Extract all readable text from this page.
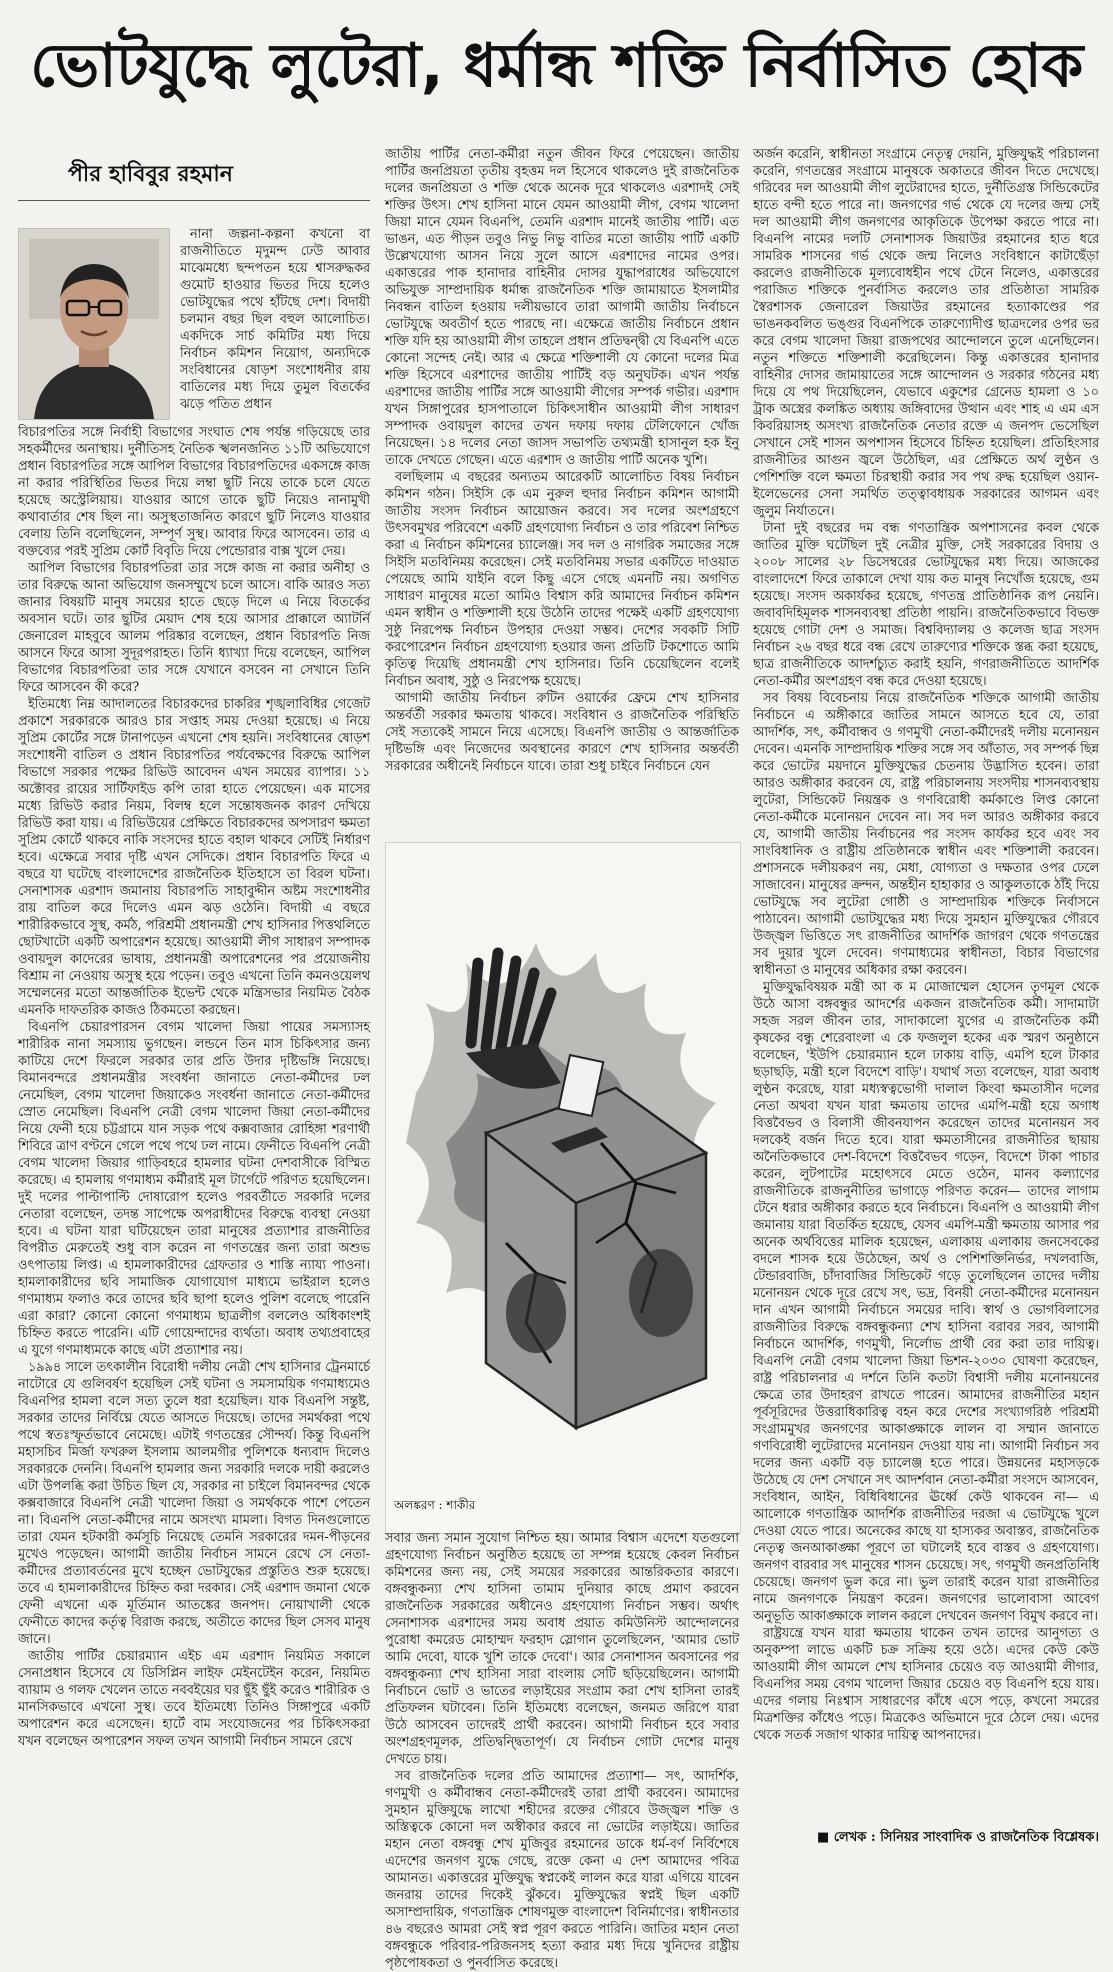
ভোটযুদ্ধে লুটেরা, ধর্মান্ধ শক্তি নির্বাসিত হোক
পীর হাবিবুর রহমান

নানা জল্পনা-কল্পনা কখনো বা রাজনীতিতে মৃদুমন্দ ঢেউ আবার মাঝেমধ্যে ছন্দপতন হয়ে শ্বাসরুদ্ধকর গুমোট হাওয়ার ভিতর দিয়ে হলেও ভোটযুদ্ধের পথে হাঁটছে দেশ। বিদায়ী চলমান বছর ছিল বহুল আলোচিত। একদিকে সার্চ কমিটির মধ্য দিয়ে নির্বাচন কমিশন নিয়োগ, অন্যদিকে সংবিধানের ষোড়শ সংশোধনীর রায় বাতিলের মধ্য দিয়ে তুমুল বিতর্কের ঝড়ে পতিত প্রধান

বিচারপতির সঙ্গে নির্বাহী বিভাগের সংঘাত শেষ পর্যন্ত গড়িয়েছে তার সহকর্মীদের অনাস্থায়। দুর্নীতিসহ নৈতিক স্খলনজনিত ১১টি অভিযোগে প্রধান বিচারপতির সঙ্গে আপিল বিভাগের বিচারপতিদের একসঙ্গে কাজ না করার পরিস্থিতির ভিতর দিয়ে লম্বা ছুটি নিয়ে তাকে চলে যেতে হয়েছে অস্ট্রেলিয়ায়। যাওয়ার আগে তাকে ছুটি নিয়েও নানামুখী কথাবার্তার শেষ ছিল না। অসুস্থতাজনিত কারণে ছুটি নিলেও যাওয়ার বেলায় তিনি বলেছিলেন, সম্পূর্ণ সুস্থ। আবার ফিরে আসবেন। তার এ বক্তব্যের পরই সুপ্রিম কোর্ট বিবৃতি দিয়ে পেন্ডোরার বাক্স খুলে দেয়।

আপিল বিভাগের বিচারপতিরা তার সঙ্গে কাজ না করার অনীহা ও তার বিরুদ্ধে আনা অভিযোগ জনসম্মুখে চলে আসে। বাকি আরও সত্য জানার বিষয়টি মানুষ সময়ের হাতে ছেড়ে দিলে এ নিয়ে বিতর্কের অবসান ঘটে। তার ছুটির মেয়াদ শেষ হয়ে আসার প্রাক্কালে অ্যাটর্নি জেনারেল মাহবুবে আলম পরিষ্কার বলেছেন, প্রধান বিচারপতি নিজ আসনে ফিরে আসা সুদূরপরাহত। তিনি ধ্যাখ্যা দিয়ে বলেছেন, আপিল বিভাগের বিচারপতিরা তার সঙ্গে যেখানে বসবেন না সেখানে তিনি ফিরে আসবেন কী করে?

ইতিমধ্যে নিম্ন আদালতের বিচারকদের চাকরির শৃঙ্খলাবিধির গেজেট প্রকাশে সরকারকে আরও চার সপ্তাহ সময় দেওয়া হয়েছে। এ নিয়ে সুপ্রিম কোর্টের সঙ্গে টানাপড়েন এখনো শেষ হয়নি। সংবিধানের ষোড়শ সংশোধনী বাতিল ও প্রধান বিচারপতির পর্যবেক্ষণের বিরুদ্ধে আপিল বিভাগে সরকার পক্ষের রিভিউ আবেদন এখন সময়ের ব্যাপার। ১১ অক্টোবর রায়ের সার্টিফাইড কপি তারা হাতে পেয়েছেন। এক মাসের মধ্যে রিভিউ করার নিয়ম, বিলম্ব হলে সন্তোষজনক কারণ দেখিয়ে রিভিউ করা যায়। এ রিভিউয়ের প্রেক্ষিতে বিচারকদের অপসারণ ক্ষমতা সুপ্রিম কোর্টে থাকবে নাকি সংসদের হাতে বহাল থাকবে সেটিই নির্ধারণ হবে। এক্ষেত্রে সবার দৃষ্টি এখন সেদিকে। প্রধান বিচারপতি ফিরে এ বছরে যা ঘটেছে বাংলাদেশের রাজনৈতিক ইতিহাসে তা বিরল ঘটনা। সেনাশাসক এরশাদ জমানায় বিচারপতি সাহাবুদ্দীন অষ্টম সংশোধনীর রায় বাতিল করে দিলেও এমন ঝড় ওঠেনি। বিদায়ী এ বছরে শারীরিকভাবে সুস্থ, কর্মঠ, পরিশ্রমী প্রধানমন্ত্রী শেখ হাসিনার পিত্তথলিতে ছোটখাটো একটি অপারেশন হয়েছে। আওয়ামী লীগ সাধারণ সম্পাদক ওবায়দুল কাদেরের ভাষায়, প্রধানমন্ত্রী অপারেশনের পর প্রয়োজনীয় বিশ্রাম না নেওয়ায় অসুস্থ হয়ে পড়েন। তবুও এখনো তিনি কমনওয়েলথ সম্মেলনের মতো আন্তর্জাতিক ইভেন্ট থেকে মন্ত্রিসভার নিয়মিত বৈঠক এমনকি দাফতরিক কাজও ঠিকমতো করছেন।

বিএনপি চেয়ারপারসন বেগম খালেদা জিয়া পায়ের সমস্যাসহ শারীরিক নানা সমস্যায় ভুগছেন। লন্ডনে তিন মাস চিকিৎসার জন্য কাটিয়ে দেশে ফিরলে সরকার তার প্রতি উদার দৃষ্টিভঙ্গি নিয়েছে। বিমানবন্দরে প্রধানমন্ত্রীর সংবর্ধনা জানাতে নেতা-কর্মীদের ঢল নেমেছিল, বেগম খালেদা জিয়াকেও সংবর্ধনা জানাতে নেতা-কর্মীদের স্রোত নেমেছিল। বিএনপি নেত্রী বেগম খালেদা জিয়া নেতা-কর্মীদের নিয়ে ফেনী হয়ে চট্টগ্রামে যান সড়ক পথে কক্সবাজার রোহিঙ্গা শরণার্থী শিবিরে ত্রাণ বণ্টনে গেলে পথে পথে ঢল নামে। ফেনীতে বিএনপি নেত্রী বেগম খালেদা জিয়ার গাড়িবহরে হামলার ঘটনা দেশবাসীকে বিস্মিত করেছে। এ হামলায় গণমাধ্যম কর্মীরাই মূল টার্গেটে পরিণত হয়েছিলেন। দুই দলের পাল্টাপাল্টি দোষারোপ হলেও পরবর্তীতে সরকারি দলের নেতারা বলেছেন, তদন্ত সাপেক্ষে অপরাধীদের বিরুদ্ধে ব্যবস্থা নেওয়া হবে। এ ঘটনা যারা ঘটিয়েছেন তারা মানুষের প্রত্যাশার রাজনীতির বিপরীত মেরুতেই শুধু বাস করেন না গণতন্ত্রের জন্য তারা অশুভ ওৎপাতায় লিপ্ত। এ হামলাকারীদের গ্রেফতার ও শাস্তি ন্যায্য পাওনা। হামলাকারীদের ছবি সামাজিক যোগাযোগ মাধ্যমে ভাইরাল হলেও গণমাধ্যম ফলাও করে তাদের ছবি ছাপা হলেও পুলিশ বলেছে পারেনি এরা কারা? কোনো কোনো গণমাধ্যম ছাত্রলীগ বললেও অধিকাংশই চিহ্নিত করতে পারেনি। এটি গোয়েন্দাদের ব্যর্থতা। অবাধ তথ্যপ্রবাহের এ যুগে গণমাধ্যমকে কাছে এটা প্রত্যাশার নয়।

১৯৯৪ সালে তৎকালীন বিরোধী দলীয় নেত্রী শেখ হাসিনার ট্রেনমার্চে নাটোরে যে গুলিবর্ষণ হয়েছিল সেই ঘটনা ও সমসাময়িক গণমাধ্যমেও বিএনপির হামলা বলে সত্য তুলে ধরা হয়েছিল। যাক বিএনপি সন্তুষ্ট, সরকার তাদের নির্বিঘ্নে যেতে আসতে দিয়েছে। তাদের সমর্থকরা পথে পথে স্বতঃস্ফূর্তভাবে নেমেছে। এটাই গণতন্ত্রের সৌন্দর্য। কিন্তু বিএনপি মহাসচিব মির্জা ফখরুল ইসলাম আলমগীর পুলিশকে ধন্যবাদ দিলেও সরকারকে দেননি। বিএনপি হামলার জন্য সরকারি দলকে দায়ী করলেও এটা উপলব্ধি করা উচিত ছিল যে, সরকার না চাইলে বিমানবন্দর থেকে কক্সবাজারে বিএনপি নেত্রী খালেদা জিয়া ও সমর্থককে পাশে পেতেন না। বিএনপি নেতা-কর্মীদের নামে অসংখ্য মামলা। বিগত দিনগুলোতে তারা যেমন হটকারী কর্মসূচি নিয়েছে তেমনি সরকারের দমন-পীড়নের মুখেও পড়েছেন। আগামী জাতীয় নির্বাচন সামনে রেখে সে নেতা-কর্মীদের প্রত্যাবর্তনের মুখে হচ্ছেন ভোটযুদ্ধের প্রস্তুতিও শুরু হয়েছে। তবে এ হামলাকারীদের চিহ্নিত করা দরকার। সেই এরশাদ জমানা থেকে ফেনী এখনো এক মূর্তিমান আতঙ্কের জনপদ। নোয়াখালী থেকে ফেনীতে কাদের কর্তৃত্ব বিরাজ করছে, অতীতে কাদের ছিল সেসব মানুষ জানে।

জাতীয় পার্টির চেয়ারম্যান এইচ এম এরশাদ নিয়মিত সকালে সেনাপ্রধান হিসেবে যে ডিসিপ্লিন লাইফ মেইনটেইন করেন, নিয়মিত ব্যায়াম ও গলফ খেলেন তাতে নববইয়ের ঘর ছুঁই ছুঁই করেও শারীরিক ও মানসিকভাবে এখনো সুস্থ। তবে ইতিমধ্যে তিনিও সিঙ্গাপুরে একটি অপারেশন করে এসেছেন। হার্টে বাম সংযোজনের পর চিকিৎসকরা যখন বলেছেন অপারেশন সফল তখন আগামী নির্বাচন সামনে রেখে

জাতীয় পার্টির নেতা-কর্মীরা নতুন জীবন ফিরে পেয়েছেন। জাতীয় পার্টির জনপ্রিয়তা তৃতীয় বৃহত্তম দল হিসেবে থাকলেও দুই রাজনৈতিক দলের জনপ্রিয়তা ও শক্তি থেকে অনেক দূরে থাকলেও এরশাদই সেই শক্তির উৎস। শেখ হাসিনা মানে যেমন আওয়ামী লীগ, বেগম খালেদা জিয়া মানে যেমন বিএনপি, তেমনি এরশাদ মানেই জাতীয় পার্টি। এত ভাঙন, এত পীড়ন তবুও নিভু নিভু বাতির মতো জাতীয় পার্টি একটি উল্লেখযোগ্য আসন নিয়ে সুলে আসে এরশাদের নামের ওপর। একাত্তরের পাক হানাদার বাহিনীর দোসর যুদ্ধাপরাধের অভিযোগে অভিযুক্ত সাম্প্রদায়িক ধর্মান্ধ রাজনৈতিক শক্তি জামায়াতে ইসলামীর নিবন্ধন বাতিল হওয়ায় দলীয়ভাবে তারা আগামী জাতীয় নির্বাচনে ভোটযুদ্ধে অবতীর্ণ হতে পারছে না। এক্ষেত্রে জাতীয় নির্বাচনে প্রধান শক্তি যদি হয় আওয়ামী লীগ তাহলে প্রধান প্রতিদ্বন্দ্বী যে বিএনপি এতে কোনো সন্দেহ নেই। আর এ ক্ষেত্রে শক্তিশালী যে কোনো দলের মিত্র শক্তি হিসেবে এরশাদের জাতীয় পার্টিই বড় অনুঘটক। এখন পর্যন্ত এরশাদের জাতীয় পার্টির সঙ্গে আওয়ামী লীগের সম্পর্ক গভীর। এরশাদ যখন সিঙ্গাপুরের হাসপাতালে চিকিৎসাধীন আওয়ামী লীগ সাধারণ সম্পাদক ওবায়দুল কাদের তখন দফায় দফায় টেলিফোনে খোঁজ নিয়েছেন। ১৪ দলের নেতা জাসদ সভাপতি তথ্যমন্ত্রী হাসানুল হক ইনু তাকে দেখতে গেছেন। এতে এরশাদ ও জাতীয় পার্টি অনেক খুশি।

বলছিলাম এ বছরের অন্যতম আরেকটি আলোচিত বিষয় নির্বাচন কমিশন গঠন। সিইসি কে এম নুরুল হুদার নির্বাচন কমিশন আগামী জাতীয় সংসদ নির্বাচন আয়োজন করবে। সব দলের অংশগ্রহণে উৎসবমুখর পরিবেশে একটি গ্রহণযোগ্য নির্বাচন ও তার পরিবেশ নিশ্চিত করা এ নির্বাচন কমিশনের চ্যালেঞ্জ। সব দল ও নাগরিক সমাজের সঙ্গে সিইসি মতবিনিময় করেছেন। সেই মতবিনিময় সভার একটিতে দাওয়াত পেয়েছে আমি যাইনি বলে কিছু এসে গেছে এমনটি নয়। অগণিত সাধারণ মানুষের মতো আমিও বিশ্বাস করি আমাদের নির্বাচন কমিশন এমন স্বাধীন ও শক্তিশালী হয়ে উঠেনি তাদের পক্ষেই একটি গ্রহণযোগ্য সুষ্ঠু নিরপেক্ষ নির্বাচন উপহার দেওয়া সম্ভব। দেশের সবকটি সিটি করপোরেশন নির্বাচন গ্রহণযোগ্য হওয়ার জন্য প্রতিটি টকশোতে আমি কৃতিত্ব দিয়েছি প্রধানমন্ত্রী শেখ হাসিনার। তিনি চেয়েছিলেন বলেই নির্বাচন অবাধ, সুষ্ঠু ও নিরপেক্ষ হয়েছে।

আগামী জাতীয় নির্বাচন রুটিন ওয়ার্কের ফ্রেমে শেখ হাসিনার অন্তর্বর্তী সরকার ক্ষমতায় থাকবে। সংবিধান ও রাজনৈতিক পরিস্থিতি সেই সত্যকেই সামনে নিয়ে এসেছে। বিএনপি জাতীয় ও আন্তর্জাতিক দৃষ্টিভঙ্গি এবং নিজেদের অবস্থানের কারণে শেখ হাসিনার অন্তর্বর্তী সরকারের অধীনেই নির্বাচনে যাবে। তারা শুধু চাইবে নির্বাচনে যেন

অলঙ্করণ : শাকীর

সবার জন্য সমান সুযোগ নিশ্চিত হয়। আমার বিশ্বাস এদেশে যতগুলো গ্রহণযোগ্য নির্বাচন অনুষ্ঠিত হয়েছে তা সম্পন্ন হয়েছে কেবল নির্বাচন কমিশনের জন্য নয়, সেই সময়ের সরকারের আন্তরিকতার কারণে। বঙ্গবন্ধুকন্যা শেখ হাসিনা তামাম দুনিয়ার কাছে প্রমাণ করবেন রাজনৈতিক সরকারের অধীনেও গ্রহণযোগ্য নির্বাচন সম্ভব। অর্থাৎ সেনাশাসক এরশাদের সময় অবাধ প্রয়াত কমিউনিস্ট আন্দোলনের পুরোধা কমরেড মোহাম্মদ ফরহাদ স্লোগান তুলেছিলেন, 'আমার ভোট আমি দেবো, যাকে খুশি তাকে দেবো'। আর সেনাশাসন অবসানের পর বঙ্গবন্ধুকন্যা শেখ হাসিনা সারা বাংলায় সেটি ছড়িয়েছিলেন। আগামী নির্বাচনে ভোট ও ভাতের লড়াইয়ের সংগ্রাম করা শেখ হাসিনা তারই প্রতিফলন ঘটাবেন। তিনি ইতিমধ্যে বলেছেন, জনমত জরিপে যারা উঠে আসবেন তাদেরই প্রার্থী করবেন। আগামী নির্বাচন হবে সবার অংশগ্রহণমূলক, প্রতিদ্বন্দ্বিতাপূর্ণ। যে নির্বাচন গোটা দেশের মানুষ দেখতে চায়।

সব রাজনৈতিক দলের প্রতি আমাদের প্রত্যাশা— সৎ, আদর্শিক, গণমুখী ও কর্মীবান্ধব নেতা-কর্মীদেরই তারা প্রার্থী করবেন। আমাদের সুমহান মুক্তিযুদ্ধে লাখো শহীদের রক্তের গৌরবে উজ্জ্বল শক্তি ও অস্তিত্বকে কোনো দল অস্বীকার করবে না ভোটের লড়াইয়ে। জাতির মহান নেতা বঙ্গবন্ধু শেখ মুজিবুর রহমানের ডাকে ধর্ম-বর্ণ নির্বিশেষে এদেশের জনগণ যুদ্ধে গেছে, রক্তে কেনা এ দেশ আমাদের পবিত্র আমানত। একাত্তরের মুক্তিযুদ্ধ স্বপ্নকেই লালন করে যারা এগিয়ে যাবেন জনরায় তাদের দিকেই ঝুঁকবে। মুক্তিযুদ্ধের স্বপ্নই ছিল একটি অসাম্প্রদায়িক, গণতান্ত্রিক শোষণমুক্ত বাংলাদেশ বিনির্মাণের। স্বাধীনতার ৪৬ বছরেও আমরা সেই স্বপ্ন পূরণ করতে পারিনি। জাতির মহান নেতা বঙ্গবন্ধুকে পরিবার-পরিজনসহ হত্যা করার মধ্য দিয়ে খুনিদের রাষ্ট্রীয় পৃষ্ঠপোষকতা ও পুনর্বাসিত করেছে।

অর্জন করেনি, স্বাধীনতা সংগ্রামে নেতৃত্ব দেয়নি, মুক্তিযুদ্ধই পরিচালনা করেনি, গণতন্ত্রের সংগ্রামে মানুষকে অকাতরে জীবন দিতে দেখেছে। গরিবের দল আওয়ামী লীগ লুটেরাদের হাতে, দুর্নীতিগ্রস্ত সিন্ডিকেটের হাতে বন্দী হতে পারে না। জনগণের গর্ভ থেকে যে দলের জন্ম সেই দল আওয়ামী লীগ জনগণের আকৃতিকে উপেক্ষা করতে পারে না। বিএনপি নামের দলটি সেনাশাসক জিয়াউর রহমানের হাত ধরে সামরিক শাসনের গর্ভ থেকে জন্ম নিলেও সংবিধানে কাটাছেঁড়া করলেও রাজনীতিকে মূল্যবোধহীন পথে টেনে নিলেও, একাত্তরের পরাজিত শক্তিকে পুনর্বাসিত করলেও তার প্রতিষ্ঠাতা সামরিক স্বৈরশাসক জেনারেল জিয়াউর রহমানের হত্যাকাণ্ডের পর ভাঙনকবলিত ভঙ্গুর বিএনপিকে তারুণ্যোদীপ্ত ছাত্রদলের ওপর ভর করে বেগম খালেদা জিয়া রাজপথের আন্দোলনে তুলে এনেছিলেন। নতুন শক্তিতে শক্তিশালী করেছিলেন। কিন্তু একাত্তরের হানাদার বাহিনীর দোসর জামায়াতের সঙ্গে আন্দোলন ও সরকার গঠনের মধ্য দিয়ে যে পথ দিয়েছিলেন, যেভাবে একুশের গ্রেনেড হামলা ও ১০ ট্রাক অস্ত্রের কলঙ্কিত অধ্যায় জঙ্গিবাদের উত্থান এবং শাহ এ এম এস কিবরিয়াসহ অসংখ্য রাজনৈতিক নেতার রক্তে এ জনপদ ভেসেছিল সেখানে সেই শাসন অপশাসন হিসেবে চিহ্নিত হয়েছিল। প্রতিহিংসার রাজনীতির আগুন জ্বলে উঠেছিল, এর প্রেক্ষিতে অর্থ লুণ্ঠন ও পেশিশক্তি বলে ক্ষমতা চিরস্থায়ী করার সব পথ রুদ্ধ হয়েছিল ওয়ান-ইলেভেনের সেনা সমর্থিত তত্ত্বাবধায়ক সরকারের আগমন এবং জুলুম নির্যাতনে।

টানা দুই বছরের দম বন্ধ গণতান্ত্রিক অপশাসনের কবল থেকে জাতির মুক্তি ঘটেছিল দুই নেত্রীর মুক্তি, সেই সরকারের বিদায় ও ২০০৮ সালের ২৮ ডিসেম্বরের ভোটযুদ্ধের মধ্য দিয়ে। আজকের বাংলাদেশে ফিরে তাকালে দেখা যায় কত মানুষ নিখোঁজ হয়েছে, গুম হয়েছে। সংসদ অকার্যকর হয়েছে, গণতন্ত্র প্রাতিষ্ঠানিক রূপ নেয়নি। জবাবদিহিমূলক শাসনব্যবস্থা প্রতিষ্ঠা পায়নি। রাজনৈতিকভাবে বিভক্ত হয়েছে গোটা দেশ ও সমাজ। বিশ্ববিদ্যালয় ও কলেজ ছাত্র সংসদ নির্বাচন ২৬ বছর ধরে বন্ধ রেখে তারুণ্যের শক্তিকে স্তব্ধ করা হয়েছে, ছাত্র রাজনীতিকে আদর্শচ্যুত করাই হয়নি, গণরাজনীতিতে আদর্শিক নেতা-কর্মীর অংশগ্রহণ বন্ধ করে দেওয়া হয়েছে।

সব বিষয় বিবেচনায় নিয়ে রাজনৈতিক শক্তিকে আগামী জাতীয় নির্বাচনে এ অঙ্গীকারে জাতির সামনে আসতে হবে যে, তারা আদর্শিক, সৎ, কর্মীবান্ধব ও গণমুখী নেতা-কর্মীদেরই দলীয় মনোনয়ন দেবেন। এমনকি সাম্প্রদায়িক শক্তির সঙ্গে সব আঁতাত, সব সম্পর্ক ছিন্ন করে ভোটের ময়দানে মুক্তিযুদ্ধের চেতনায় উদ্ভাসিত হবেন। তারা আরও অঙ্গীকার করবেন যে, রাষ্ট্র পরিচালনায় সংসদীয় শাসনব্যবস্থায় লুটেরা, সিন্ডিকেট নিয়ন্ত্রক ও গণবিরোধী কর্মকাণ্ডে লিপ্ত কোনো নেতা-কর্মীকে মনোনয়ন দেবেন না। সব দল আরও অঙ্গীকার করবে যে, আগামী জাতীয় নির্বাচনের পর সংসদ কার্যকর হবে এবং সব সাংবিধানিক ও রাষ্ট্রীয় প্রতিষ্ঠানকে স্বাধীন এবং শক্তিশালী করবেন। প্রশাসনকে দলীয়করণ নয়, মেধা, যোগ্যতা ও দক্ষতার ওপর ঢেলে সাজাবেন। মানুষের ক্রন্দন, অন্তহীন হাহাকার ও আকুলতাকে ঠাঁই দিয়ে ভোটযুদ্ধে সব লুটেরা গোষ্ঠী ও সাম্প্রদায়িক শক্তিকে নির্বাসনে পাঠাবেন। আগামী ভোটযুদ্ধের মধ্য দিয়ে সুমহান মুক্তিযুদ্ধের গৌরবে উজ্জ্বল ভিত্তিতে সৎ রাজনীতির আদর্শিক জাগরণ থেকে গণতন্ত্রের সব দুয়ার খুলে দেবেন। গণমাধ্যমের স্বাধীনতা, বিচার বিভাগের স্বাধীনতা ও মানুষের অধিকার রক্ষা করবেন।

মুক্তিযুদ্ধবিষয়ক মন্ত্রী আ ক ম মোজাম্মেল হোসেন তৃণমূল থেকে উঠে আসা বঙ্গবন্ধুর আদর্শের একজন রাজনৈতিক কর্মী। সাদামাটা সহজ সরল জীবন তার, সাদাকালো যুগের এ রাজনৈতিক কর্মী কৃষকের বন্ধু শেরেবাংলা এ কে ফজলুল হকের এক স্মরণ অনুষ্ঠানে বলেছেন, 'ইউপি চেয়ারম্যান হলে ঢাকায় বাড়ি, এমপি হলে টাকার ছড়াছড়ি, মন্ত্রী হলে বিদেশে বাড়ি'। যথার্থ সত্য বলেছেন, যারা অবাধ লুণ্ঠন করেছে, যারা মধ্যস্বত্বভোগী দালাল কিংবা ক্ষমতাসীন দলের নেতা অথবা যখন যারা ক্ষমতায় তাদের এমপি-মন্ত্রী হয়ে অগাধ বিত্তবৈভব ও বিলাসী জীবনযাপন করেছেন তাদের মনোনয়ন সব দলকেই বর্জন দিতে হবে। যারা ক্ষমতাসীনের রাজনীতির ছায়ায় অনৈতিকভাবে দেশ-বিদেশে বিত্তবৈভব গড়েন, বিদেশে টাকা পাচার করেন, লুটপাটের মহোৎসবে মেতে ওঠেন, মানব কল্যাণের রাজনীতিকে রাজনুনীতির ভাগাড়ে পরিণত করেন— তাদের লাগাম টেনে ধরার অঙ্গীকার করতে হবে নির্বাচনে। বিএনপি ও আওয়ামী লীগ জমানায় যারা বিতর্কিত হয়েছে, যেসব এমপি-মন্ত্রী ক্ষমতায় আসার পর অনেক অর্থবিত্তের মালিক হয়েছেন, এলাকায় এলাকায় জনসেবকের বদলে শাসক হয়ে উঠেছেন, অর্থ ও পেশিশক্তিনির্ভর, দখলবাজি, টেন্ডারবাজি, চাঁদাবাজির সিন্ডিকেট গড়ে তুলেছিলেন তাদের দলীয় মনোনয়ন থেকে দূরে রেখে সৎ, ভদ্র, বিনয়ী নেতা-কর্মীদের মনোনয়ন দান এখন আগামী নির্বাচনে সময়ের দাবি। স্বার্থ ও ভোগবিলাসের রাজনীতির বিরুদ্ধে বঙ্গবন্ধুকন্যা শেখ হাসিনা বরাবর সরব, আগামী নির্বাচনে আদর্শিক, গণমুখী, নির্লোভ প্রার্থী বের করা তার দায়িত্ব। বিএনপি নেত্রী বেগম খালেদা জিয়া ভিশন-২০৩০ ঘোষণা করেছেন, রাষ্ট্র পরিচালনার এ দর্শনে তিনি কতটা বিশ্বাসী দলীয় মনোনয়নের ক্ষেত্রে তার উদাহরণ রাখতে পারেন। আমাদের রাজনীতির মহান পূর্বসূরিদের উত্তরাধিকারিত্ব বহন করে দেশের সংখ্যাগরিষ্ঠ পরিশ্রমী সংগ্রামমুখর জনগণের আকাঙ্ক্ষাকে লালন বা সম্মান জানাতে গণবিরোধী লুটেরাদের মনোনয়ন দেওয়া যায় না। আগামী নির্বাচন সব দলের জন্য একটি বড় চ্যালেঞ্জ হতে পারে। উন্নয়নের মহাসড়কে উঠেছে যে দেশ সেখানে সৎ আদর্শবান নেতা-কর্মীরা সংসদে আসবেন, সংবিধান, আইন, বিধিবিধানের ঊর্ধ্বে কেউ থাকবেন না— এ আলোকে গণতান্ত্রিক আদর্শিক রাজনীতির দরজা এ ভোটযুদ্ধে খুলে দেওয়া যেতে পারে। অনেকের কাছে যা হাস্যকর অবাস্তব, রাজনৈতিক নেতৃত্ব জনআকাঙ্ক্ষা পূরণে তা ঘটালেই হবে বাস্তব ও গ্রহণযোগ্য। জনগণ বারবার সৎ মানুষের শাসন চেয়েছে। সৎ, গণমুখী জনপ্রতিনিধি চেয়েছে। জনগণ ভুল করে না। ভুল তারাই করেন যারা রাজনীতির নামে জনগণকে নিয়ন্ত্রণ করেন। জনগণের ভালোবাসা আবেগ অনুভূতি আকাঙ্ক্ষাকে লালন করলে দেখবেন জনগণ বিমুখ করবে না।

রাষ্ট্রযন্ত্রে যখন যারা ক্ষমতায় থাকেন তখন তাদের আনুগত্য ও অনুকম্পা লাভে একটি চক্র সক্রিয় হয়ে ওঠে। এদের কেউ কেউ আওয়ামী লীগ আমলে শেখ হাসিনার চেয়েও বড় আওয়ামী লীগার, বিএনপির সময় বেগম খালেদা জিয়ার চেয়েও বড় বিএনপি হয়ে যায়। এদের গলায় নিঃশ্বাস সাধারণের কাঁধে এসে পড়ে, কখনো সমরের মিত্রশক্তির কাঁধেও পড়ে। মিত্রকেও অভিমানে দূরে ঠেলে দেয়। এদের থেকে সতর্ক সজাগ থাকার দায়িত্ব আপনাদের।

■ লেখক : সিনিয়র সাংবাদিক ও রাজনৈতিক বিশ্লেষক।
